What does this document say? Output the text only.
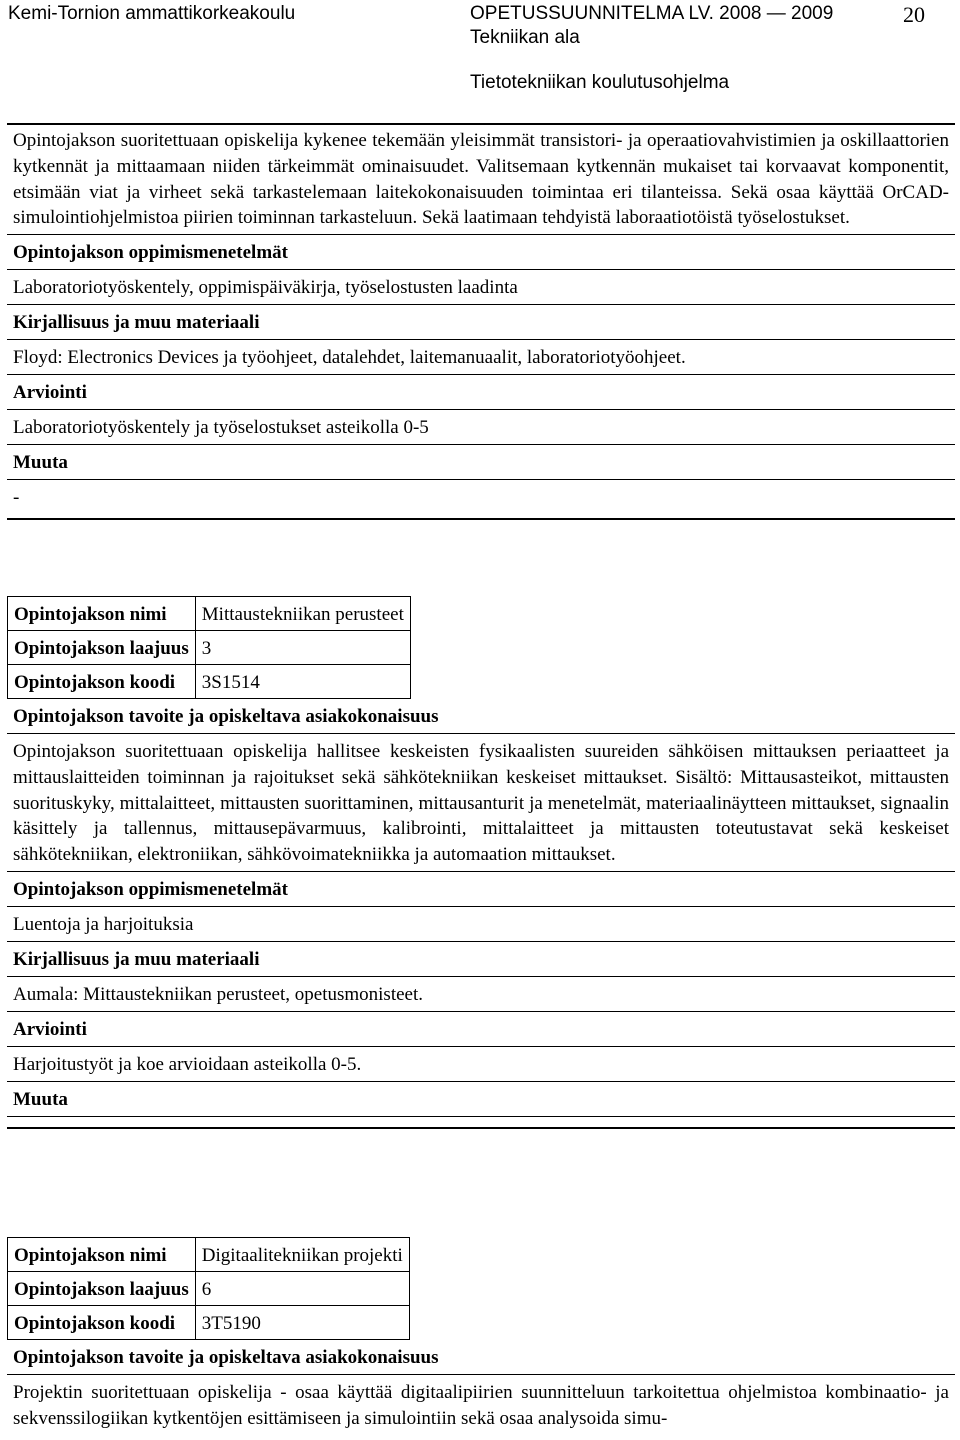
Kemi-Tornion ammattikorkeakoulu	OPETUSSUUNNITELMA LV. 2008 — 2009
Tekniikan ala
Tietotekniikan koulutusohjelma
20
Opintojakson suoritettuaan opiskelija kykenee tekemään yleisimmät transistori- ja operaatiovahvistimien ja oskillaattorien kytkennät ja mittaamaan niiden tärkeimmät ominaisuudet. Valitsemaan kytkennän mukaiset tai korvaavat komponentit, etsimään viat ja virheet sekä tarkastelemaan laitekokonaisuuden toimintaa eri tilanteissa. Sekä osaa käyttää OrCAD- simulointiohjelmistoa piirien toiminnan tarkasteluun. Sekä laatimaan tehdyistä laboraatiotöistä työselostukset.
Opintojakson oppimismenetelmät
Laboratoriotyöskentely, oppimispäiväkirja, työselostusten laadinta
Kirjallisuus ja muu materiaali
Floyd: Electronics Devices ja työohjeet, datalehdet, laitemanuaalit, laboratoriotyöohjeet.
Arviointi
Laboratoriotyöskentely ja työselostukset asteikolla 0-5
Muuta
-
Opintojakson nimi	Mittaustekniikan perusteet
Opintojakson laajuus	3
Opintojakson koodi	3S1514
Opintojakson tavoite ja opiskeltava asiakokonaisuus
Opintojakson suoritettuaan opiskelija hallitsee keskeisten fysikaalisten suureiden sähköisen mittauksen periaatteet ja mittauslaitteiden toiminnan ja rajoitukset sekä sähkötekniikan keskeiset mittaukset. Sisältö: Mittausasteikot, mittausten suorituskyky, mittalaitteet, mittausten suorittaminen, mittausanturit ja menetelmät, materiaalinäytteen mittaukset, signaalin käsittely ja tallennus, mittausepävarmuus, kalibrointi, mittalaitteet ja mittausten toteutustavat sekä keskeiset sähkötekniikan, elektroniikan, sähkövoimatekniikka ja automaation mittaukset.
Opintojakson oppimismenetelmät
Luentoja ja harjoituksia
Kirjallisuus ja muu materiaali
Aumala: Mittaustekniikan perusteet, opetusmonisteet.
Arviointi
Harjoitustyöt ja koe arvioidaan asteikolla 0-5.
Muuta
Opintojakson nimi	Digitaalitekniikan projekti
Opintojakson laajuus	6
Opintojakson koodi	3T5190
Opintojakson tavoite ja opiskeltava asiakokonaisuus
Projektin suoritettuaan opiskelija - osaa käyttää digitaalipiirien suunnitteluun tarkoitettua ohjelmistoa kombinaatio- ja sekvenssilogiikan kytkentöjen esittämiseen ja simulointiin sekä osaa analysoida simu-
